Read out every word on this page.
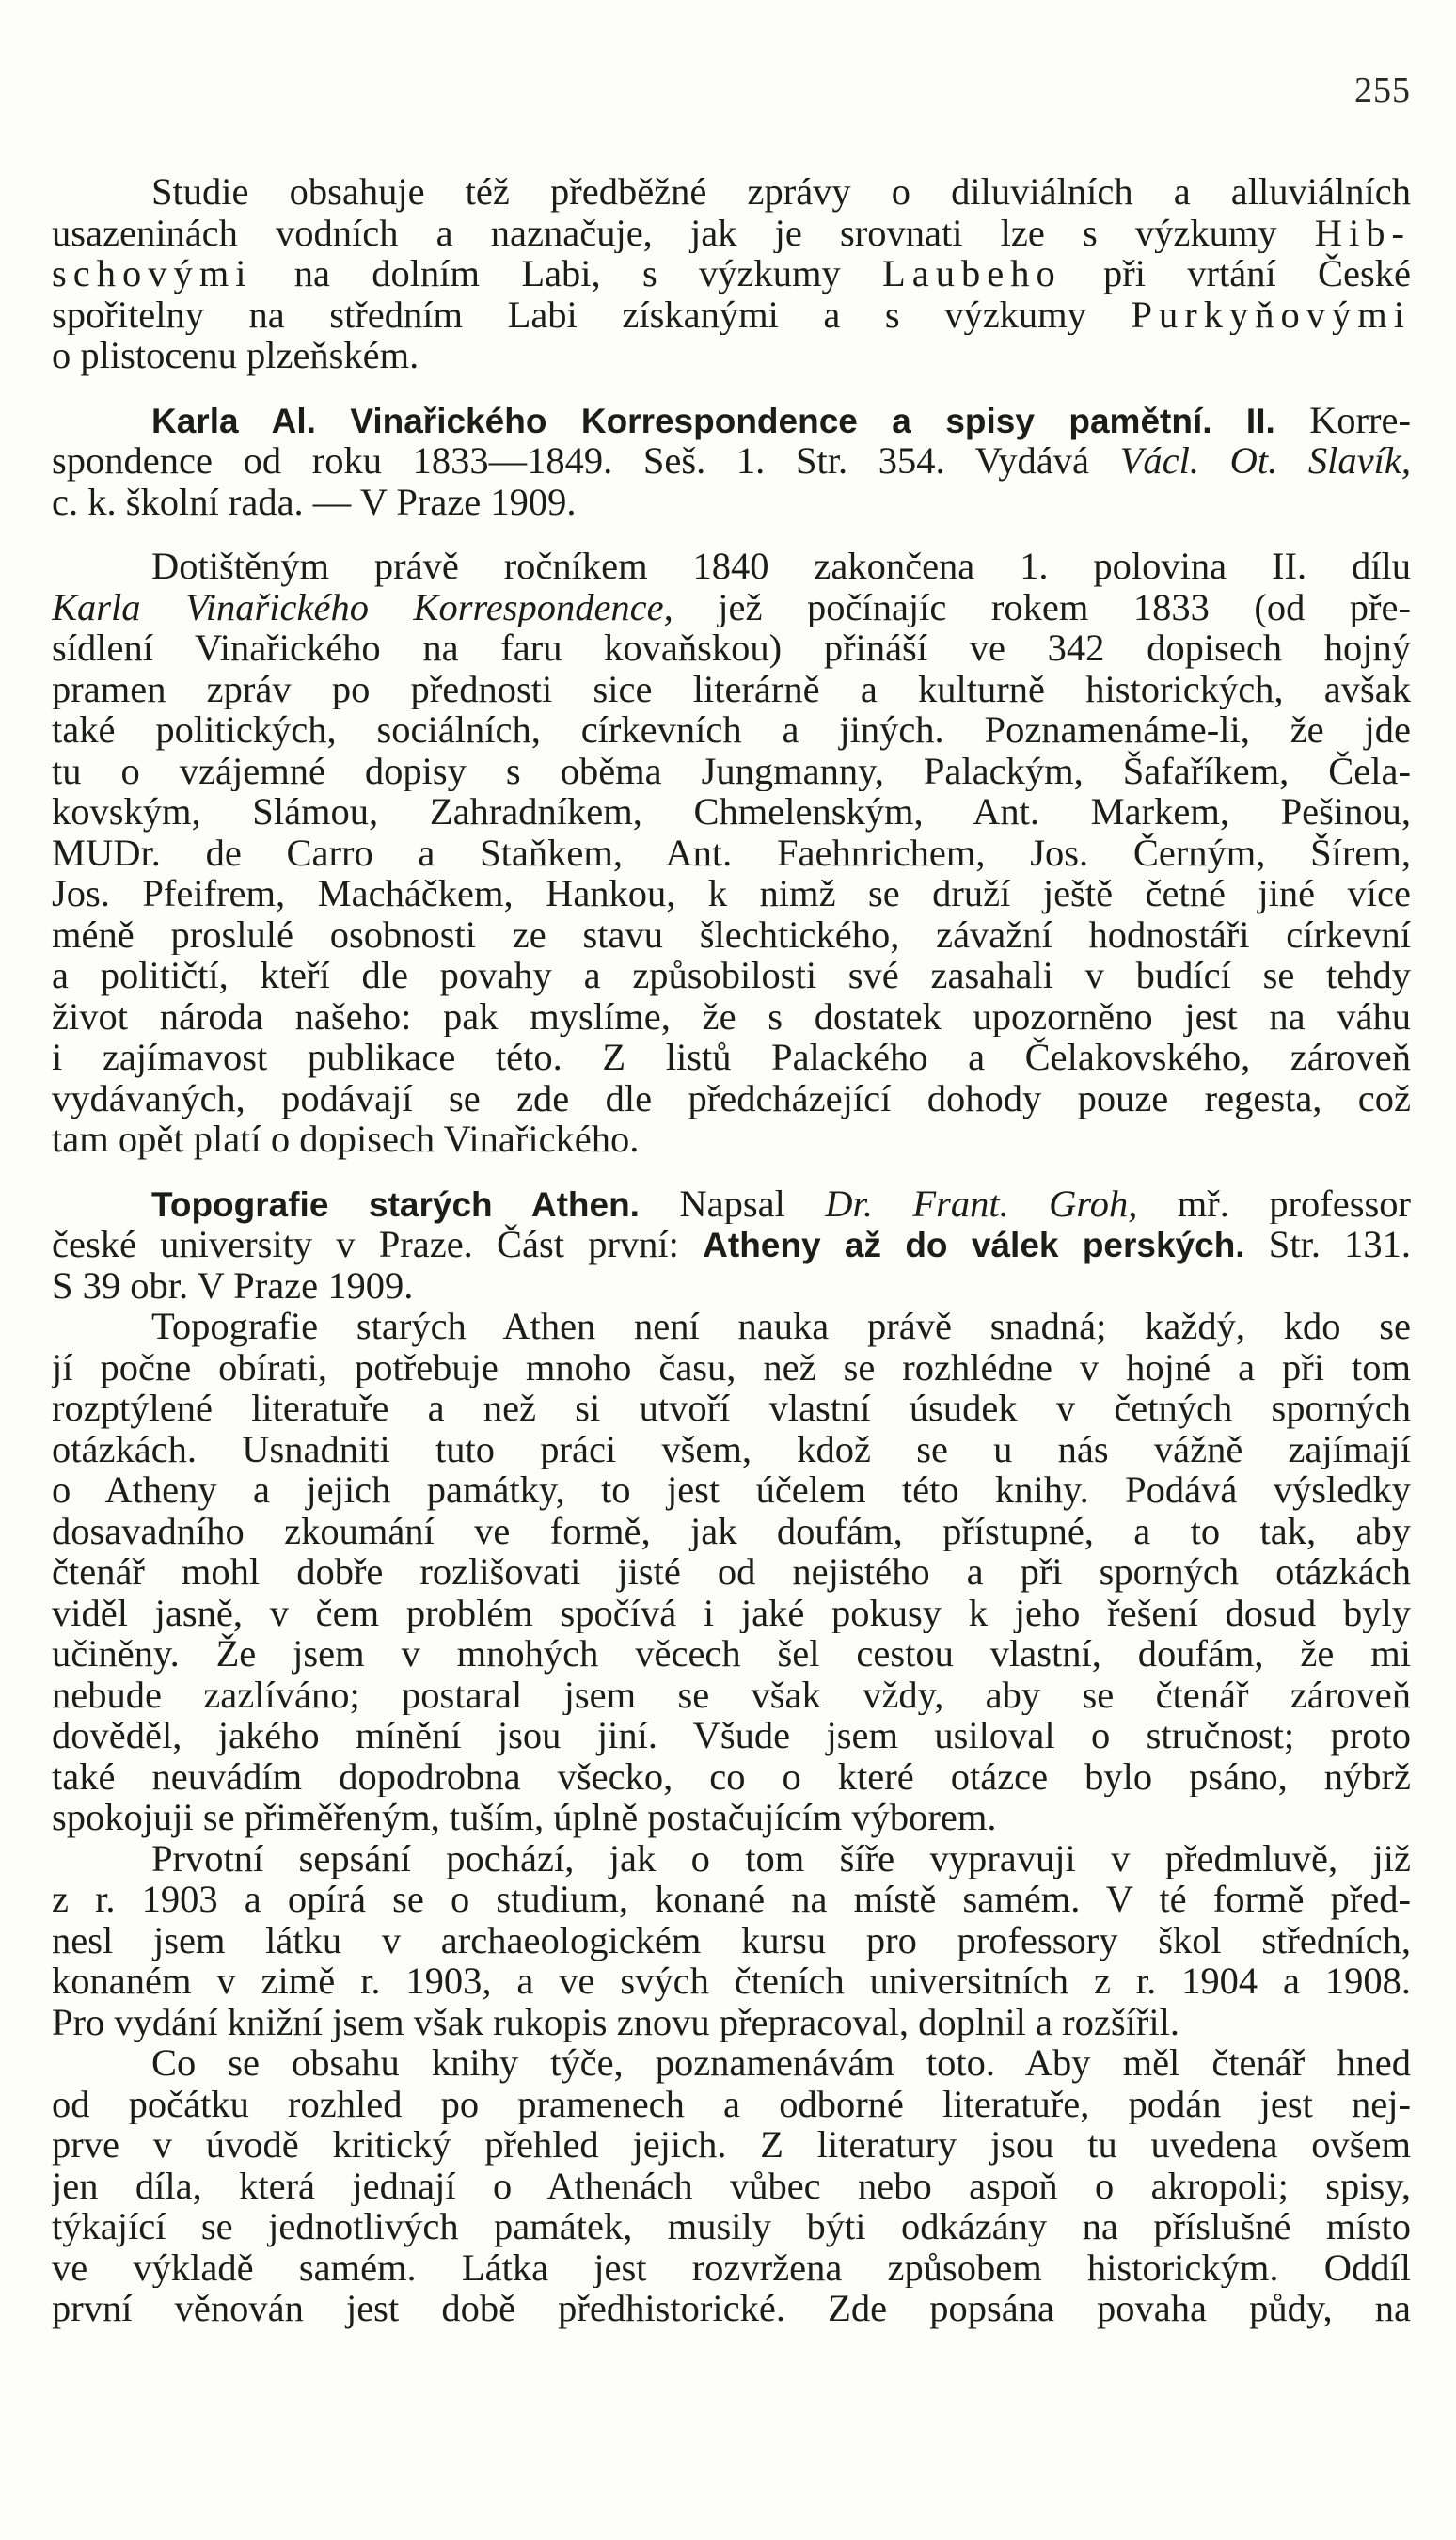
255
Studie obsahuje též předběžné zprávy o diluviálních a alluviálních
usazeninách vodních a naznačuje, jak je srovnati lze s výzkumy Hib-
schovými na dolním Labi, s výzkumy Laubeho při vrtání České
spořitelny na středním Labi získanými a s výzkumy Purkyňovými
o plistocenu plzeňském.
Karla Al. Vinařického Korrespondence a spisy pamětní. II. Korre-
spondence od roku 1833—1849. Seš. 1. Str. 354. Vydává Václ. Ot. Slavík,
c. k. školní rada. — V Praze 1909.
Dotištěným právě ročníkem 1840 zakončena 1. polovina II. dílu
Karla Vinařického Korrespondence, jež počínajíc rokem 1833 (od pře-
sídlení Vinařického na faru kovaňskou) přináší ve 342 dopisech hojný
pramen zpráv po přednosti sice literárně a kulturně historických, avšak
také politických, sociálních, církevních a jiných. Poznamenáme-li, že jde
tu o vzájemné dopisy s oběma Jungmanny, Palackým, Šafaříkem, Čela-
kovským, Slámou, Zahradníkem, Chmelenským, Ant. Markem, Pešinou,
MUDr. de Carro a Staňkem, Ant. Faehnrichem, Jos. Černým, Šírem,
Jos. Pfeifrem, Macháčkem, Hankou, k nimž se druží ještě četné jiné více
méně proslulé osobnosti ze stavu šlechtického, závažní hodnostáři církevní
a političtí, kteří dle povahy a způsobilosti své zasahali v budící se tehdy
život národa našeho: pak myslíme, že s dostatek upozorněno jest na váhu
i zajímavost publikace této. Z listů Palackého a Čelakovského, zároveň
vydávaných, podávají se zde dle předcházející dohody pouze regesta, což
tam opět platí o dopisech Vinařického.
Topografie starých Athen. Napsal Dr. Frant. Groh, mř. professor
české university v Praze. Část první: Atheny až do válek perských. Str. 131.
S 39 obr. V Praze 1909.
Topografie starých Athen není nauka právě snadná; každý, kdo se
jí počne obírati, potřebuje mnoho času, než se rozhlédne v hojné a při tom
rozptýlené literatuře a než si utvoří vlastní úsudek v četných sporných
otázkách. Usnadniti tuto práci všem, kdož se u nás vážně zajímají
o Atheny a jejich památky, to jest účelem této knihy. Podává výsledky
dosavadního zkoumání ve formě, jak doufám, přístupné, a to tak, aby
čtenář mohl dobře rozlišovati jisté od nejistého a při sporných otázkách
viděl jasně, v čem problém spočívá i jaké pokusy k jeho řešení dosud byly
učiněny. Že jsem v mnohých věcech šel cestou vlastní, doufám, že mi
nebude zazlíváno; postaral jsem se však vždy, aby se čtenář zároveň
dověděl, jakého mínění jsou jiní. Všude jsem usiloval o stručnost; proto
také neuvádím dopodrobna všecko, co o které otázce bylo psáno, nýbrž
spokojuji se přiměřeným, tuším, úplně postačujícím výborem.
Prvotní sepsání pochází, jak o tom šíře vypravuji v předmluvě, již
z r. 1903 a opírá se o studium, konané na místě samém. V té formě před-
nesl jsem látku v archaeologickém kursu pro professory škol středních,
konaném v zimě r. 1903, a ve svých čteních universitních z r. 1904 a 1908.
Pro vydání knižní jsem však rukopis znovu přepracoval, doplnil a rozšířil.
Co se obsahu knihy týče, poznamenávám toto. Aby měl čtenář hned
od počátku rozhled po pramenech a odborné literatuře, podán jest nej-
prve v úvodě kritický přehled jejich. Z literatury jsou tu uvedena ovšem
jen díla, která jednají o Athenách vůbec nebo aspoň o akropoli; spisy,
týkající se jednotlivých památek, musily býti odkázány na příslušné místo
ve výkladě samém. Látka jest rozvržena způsobem historickým. Oddíl
první věnován jest době předhistorické. Zde popsána povaha půdy, na
